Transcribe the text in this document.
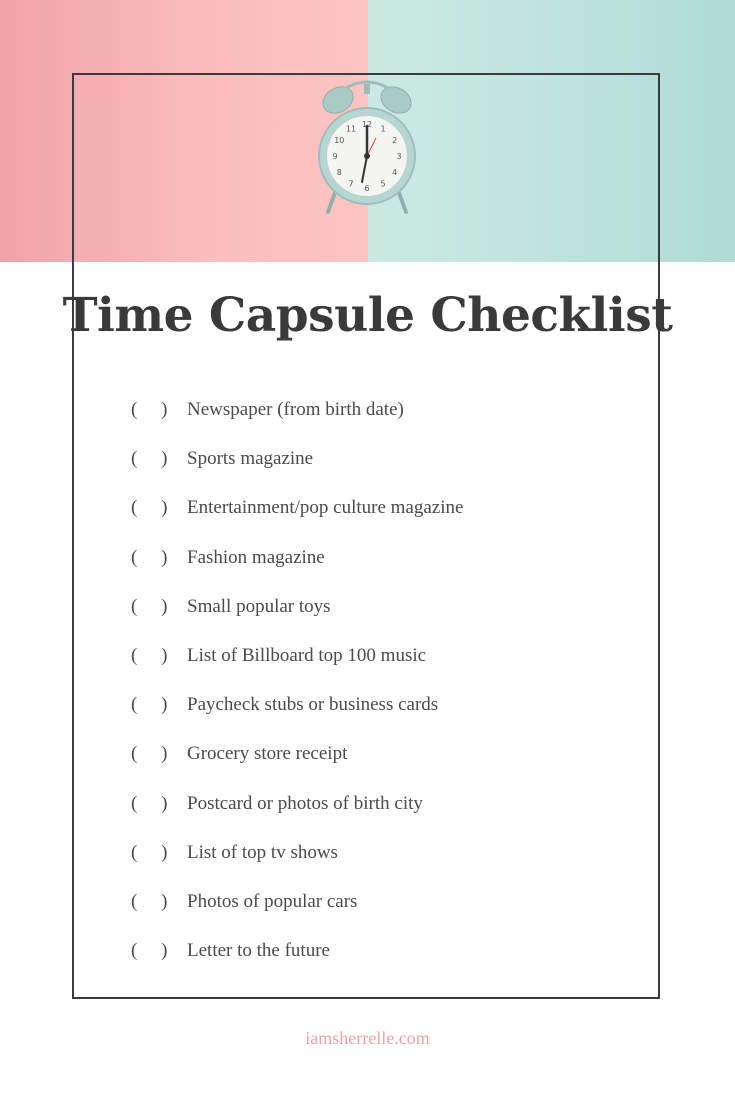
12 1
2
3
4
5
6
7
8
9
10
11
Time Capsule Checklist
(     ) Newspaper (from birth date)
(     ) Sports magazine
(     ) Entertainment/pop culture magazine
(     ) Fashion magazine
(     ) Small popular toys
(     ) List of Billboard top 100 music
(     ) Paycheck stubs or business cards
(     ) Grocery store receipt
(     ) Postcard or photos of birth city
(     ) List of top tv shows
(     ) Photos of popular cars
(     ) Letter to the future
iamsherrelle.com
